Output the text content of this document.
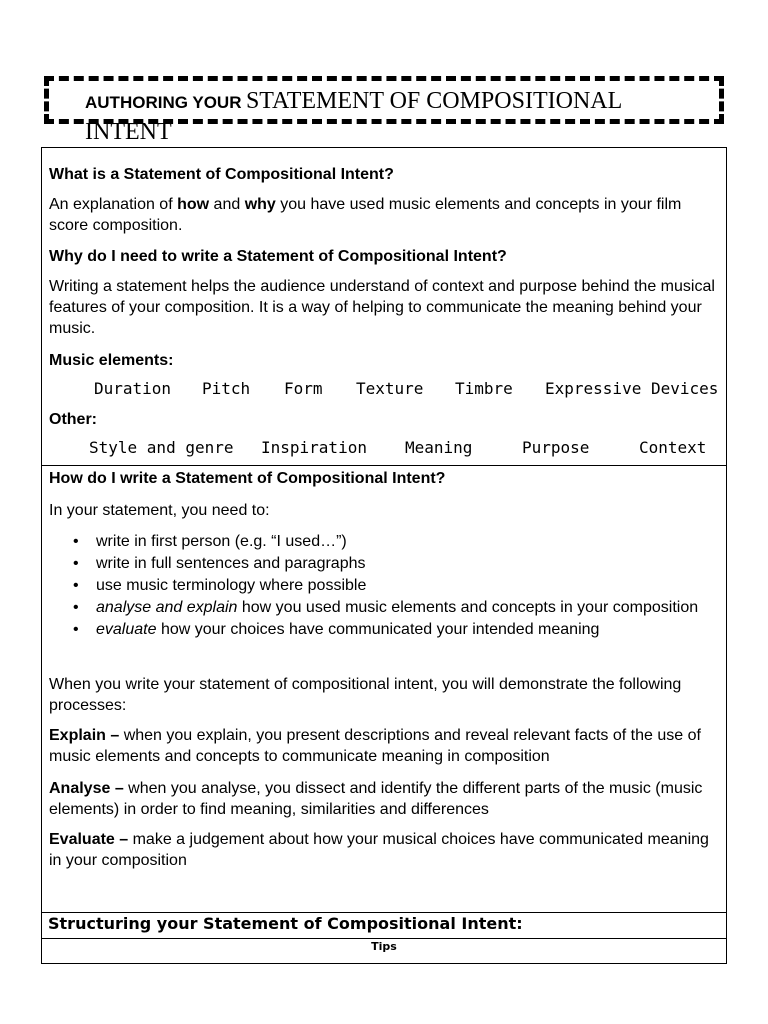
AUTHORING YOUR STATEMENT OF COMPOSITIONAL INTENT

What is a Statement of Compositional Intent?

An explanation of how and why you have used music elements and concepts in your film score composition.

Why do I need to write a Statement of Compositional Intent?

Writing a statement helps the audience understand of context and purpose behind the musical features of your composition. It is a way of helping to communicate the meaning behind your music.

Music elements:

Duration Pitch Form Texture Timbre Expressive Devices

Other:

Style and genre Inspiration Meaning	Purpose	Context

How do I write a Statement of Compositional Intent?

In your statement, you need to:

• write in first person (e.g. “I used…”)
• write in full sentences and paragraphs
• use music terminology where possible
• analyse and explain how you used music elements and concepts in your composition
• evaluate how your choices have communicated your intended meaning

When you write your statement of compositional intent, you will demonstrate the following processes:

Explain – when you explain, you present descriptions and reveal relevant facts of the use of music elements and concepts to communicate meaning in composition

Analyse – when you analyse, you dissect and identify the different parts of the music (music elements) in order to find meaning, similarities and differences

Evaluate – make a judgement about how your musical choices have communicated meaning in your composition

Structuring your Statement of Compositional Intent:
Tips
